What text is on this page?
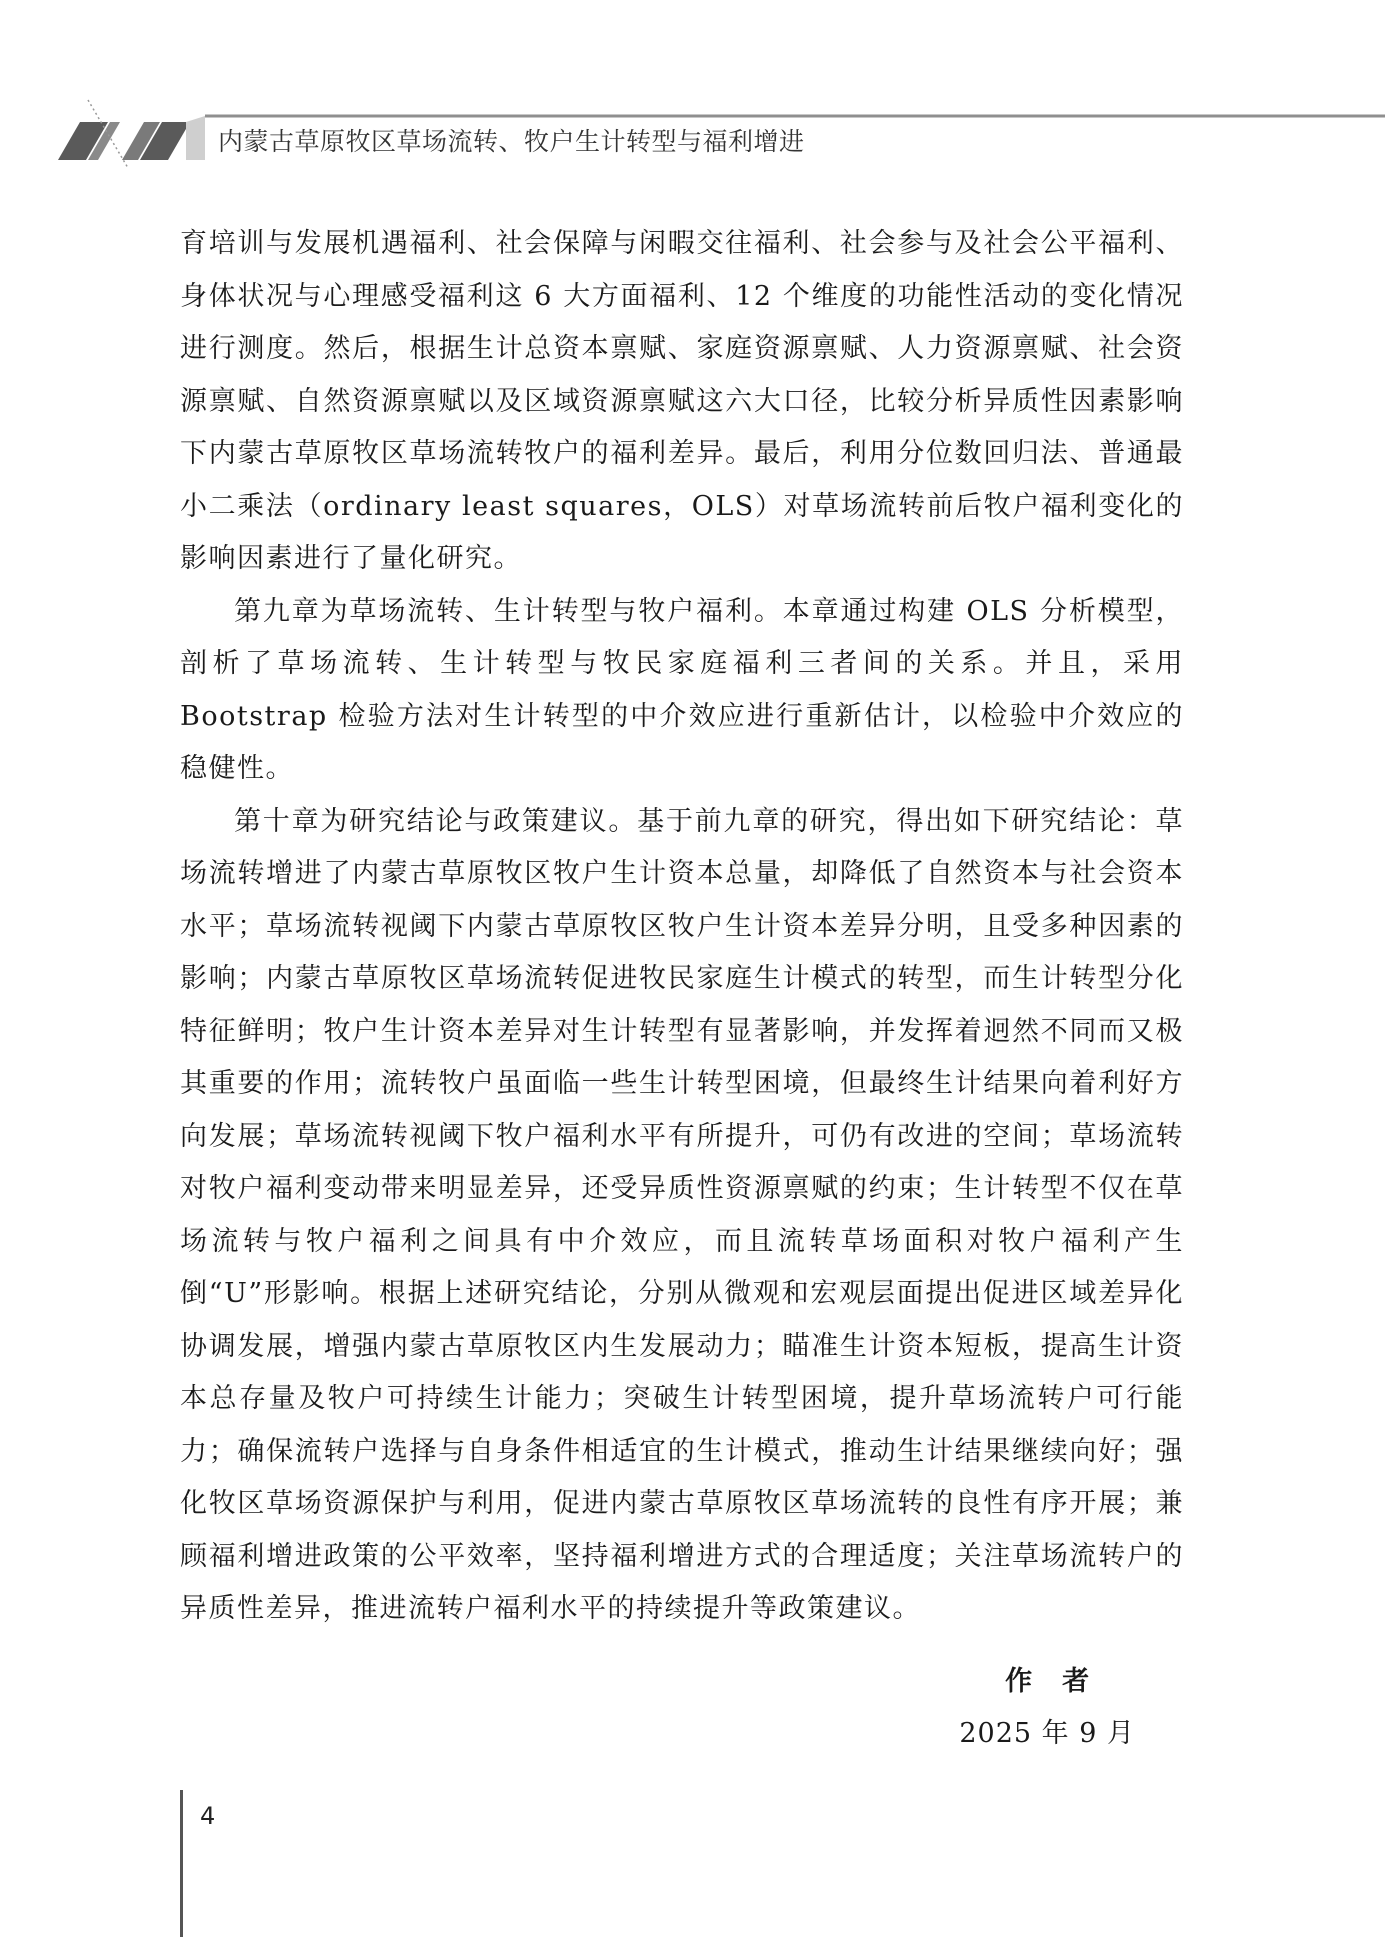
内蒙古草原牧区草场流转、牧户生计转型与福利增进

育培训与发展机遇福利、社会保障与闲暇交往福利、社会参与及社会公平福利、身体状况与心理感受福利这 6 大方面福利、12 个维度的功能性活动的变化情况进行测度。然后，根据生计总资本禀赋、家庭资源禀赋、人力资源禀赋、社会资源禀赋、自然资源禀赋以及区域资源禀赋这六大口径，比较分析异质性因素影响下内蒙古草原牧区草场流转牧户的福利差异。最后，利用分位数回归法、普通最小二乘法（ordinary least squares，OLS）对草场流转前后牧户福利变化的影响因素进行了量化研究。

第九章为草场流转、生计转型与牧户福利。本章通过构建 OLS 分析模型，剖析了草场流转、生计转型与牧民家庭福利三者间的关系。并且，采用 Bootstrap 检验方法对生计转型的中介效应进行重新估计，以检验中介效应的稳健性。

第十章为研究结论与政策建议。基于前九章的研究，得出如下研究结论：草场流转增进了内蒙古草原牧区牧户生计资本总量，却降低了自然资本与社会资本水平；草场流转视阈下内蒙古草原牧区牧户生计资本差异分明，且受多种因素的影响；内蒙古草原牧区草场流转促进牧民家庭生计模式的转型，而生计转型分化特征鲜明；牧户生计资本差异对生计转型有显著影响，并发挥着迥然不同而又极其重要的作用；流转牧户虽面临一些生计转型困境，但最终生计结果向着利好方向发展；草场流转视阈下牧户福利水平有所提升，可仍有改进的空间；草场流转对牧户福利变动带来明显差异，还受异质性资源禀赋的约束；生计转型不仅在草场流转与牧户福利之间具有中介效应，而且流转草场面积对牧户福利产生倒“U”形影响。根据上述研究结论，分别从微观和宏观层面提出促进区域差异化协调发展，增强内蒙古草原牧区内生发展动力；瞄准生计资本短板，提高生计资本总存量及牧户可持续生计能力；突破生计转型困境，提升草场流转户可行能力；确保流转户选择与自身条件相适宜的生计模式，推动生计结果继续向好；强化牧区草场资源保护与利用，促进内蒙古草原牧区草场流转的良性有序开展；兼顾福利增进政策的公平效率，坚持福利增进方式的合理适度；关注草场流转户的异质性差异，推进流转户福利水平的持续提升等政策建议。

作者
2025 年 9 月
4
